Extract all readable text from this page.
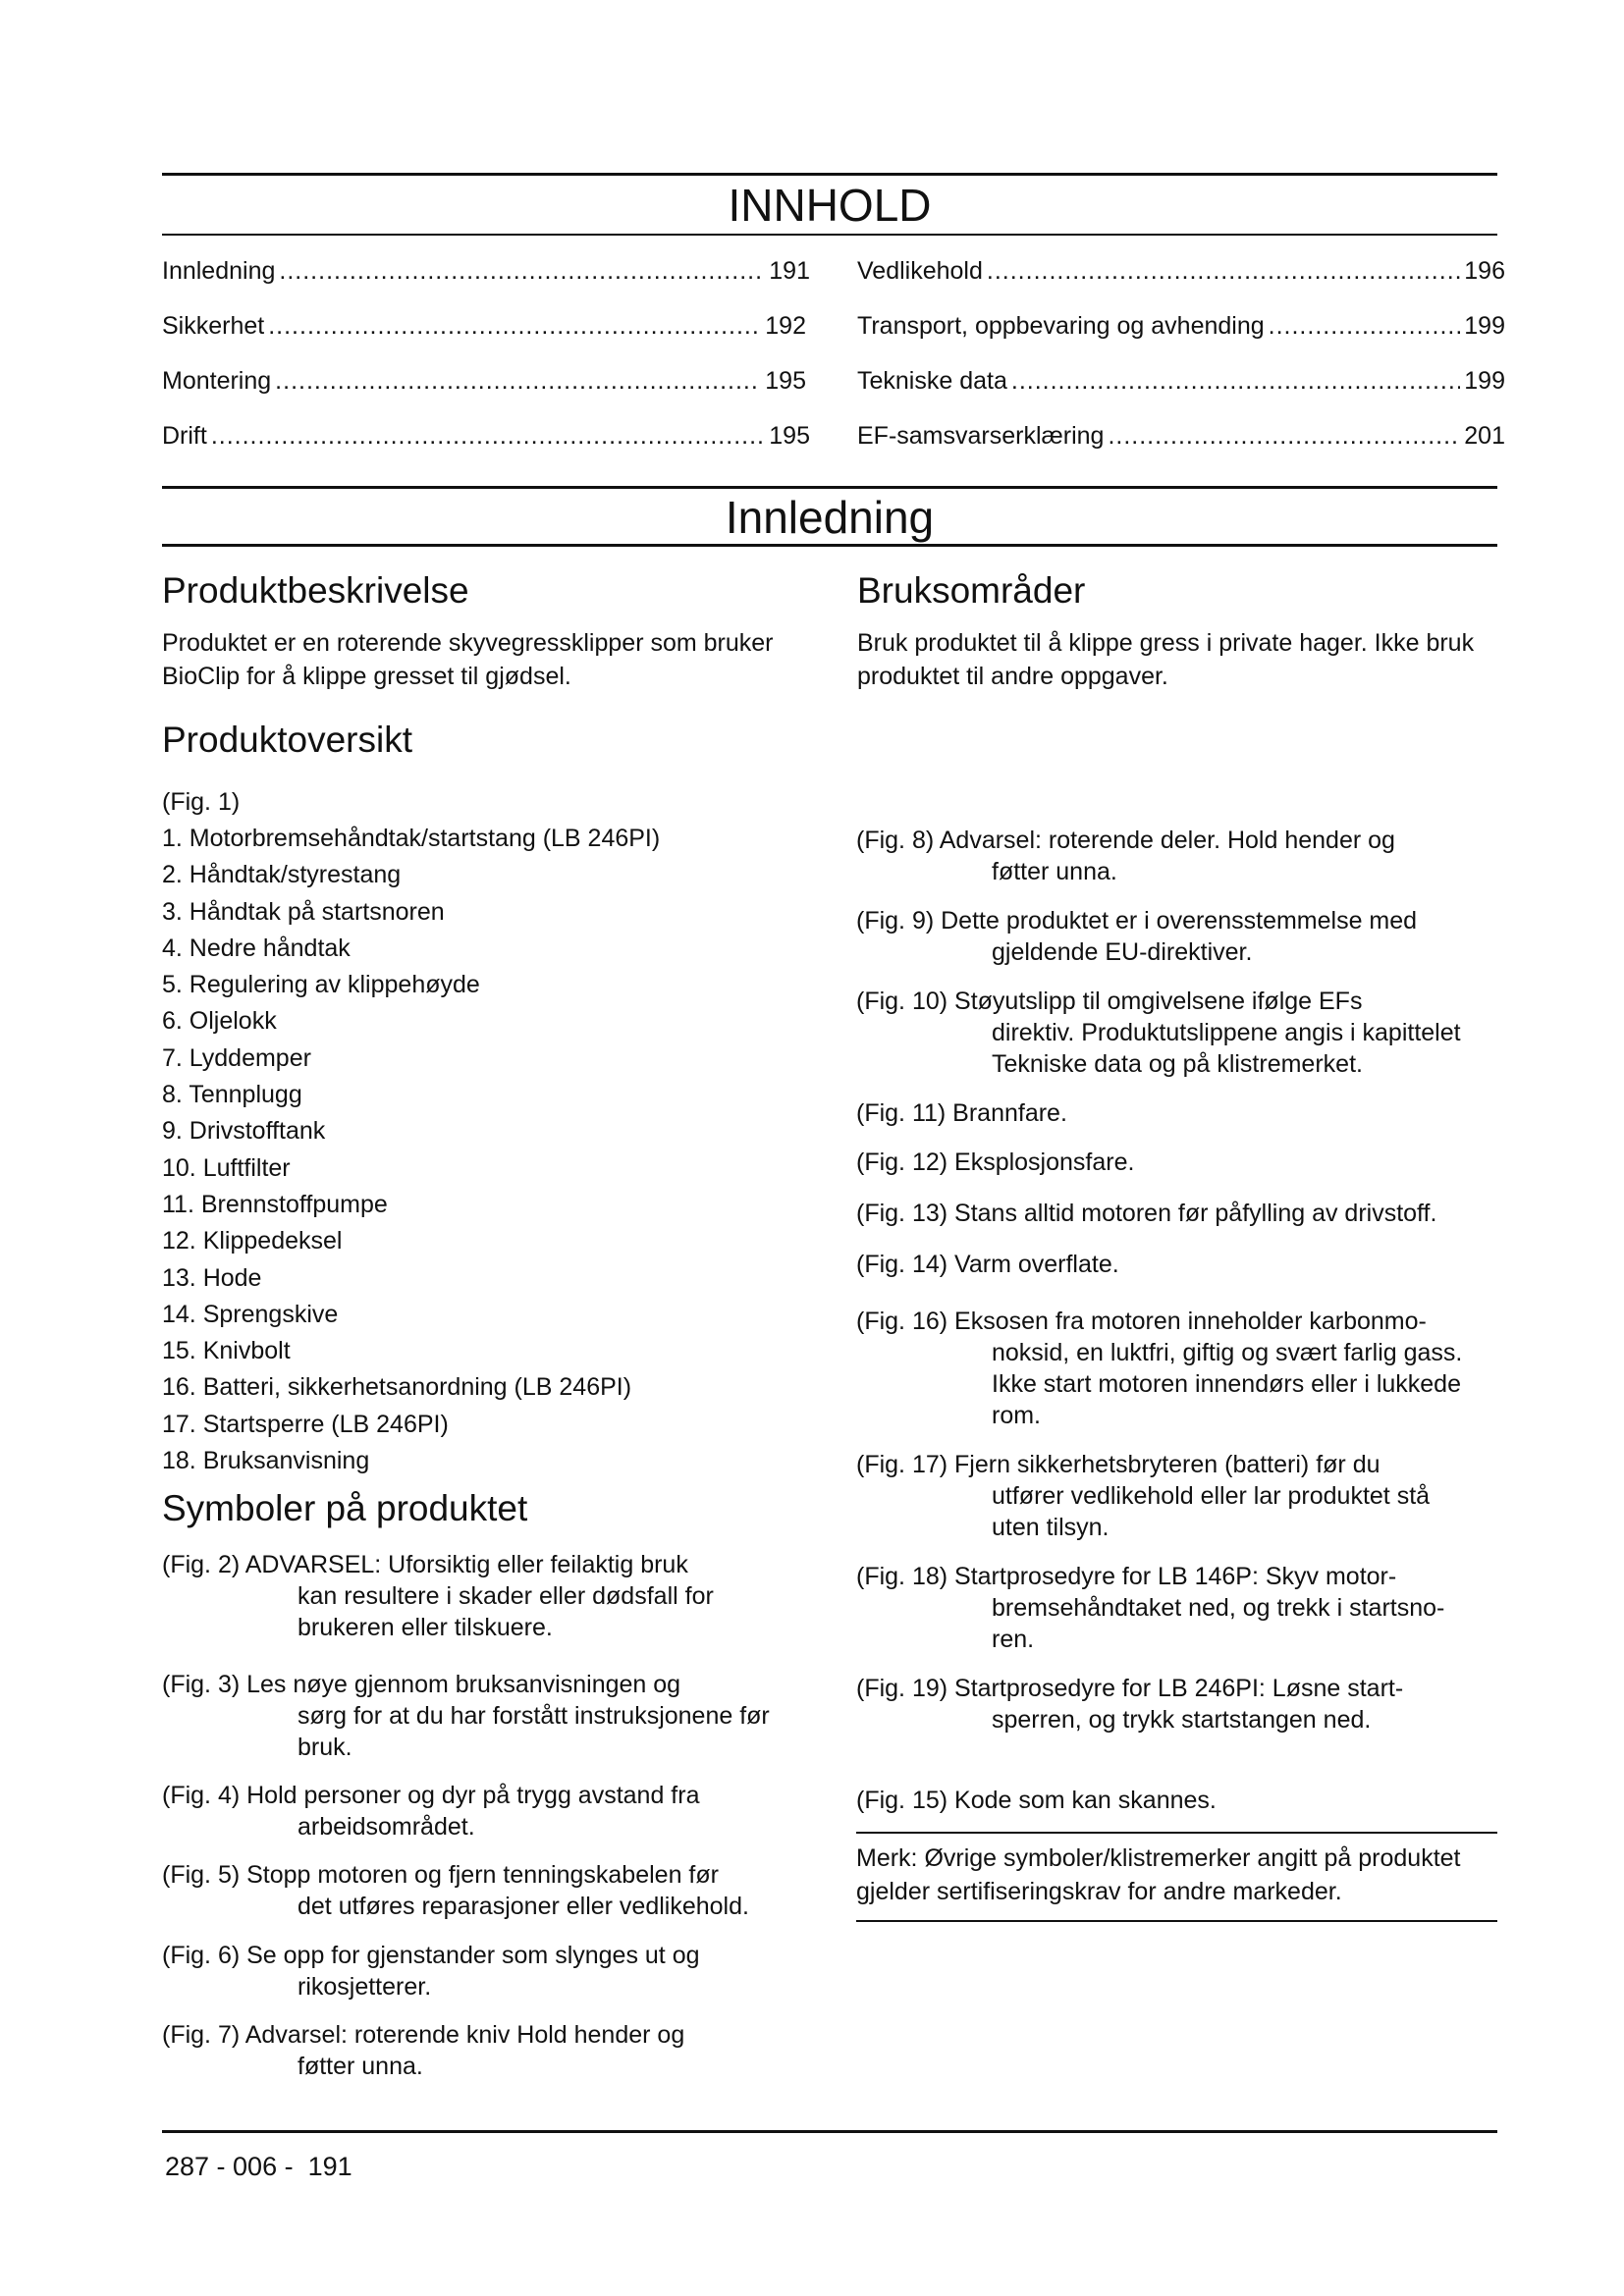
INNHOLD
Innledning .....	191
Sikkerhet .....	192
Montering .....	195
Drift .....	195
Vedlikehold .....	196
Transport, oppbevaring og avhending .....	199
Tekniske data .....	199
EF-samsvarserklæring .....	201
Innledning
Produktbeskrivelse

Produktet er en roterende skyvegressklipper som bruker BioClip for å klippe gresset til gjødsel.

Bruksområder

Bruk produktet til å klippe gress i private hager. Ikke bruk produktet til andre oppgaver.

Produktoversikt

(Fig. 1)

1. Motorbremsehåndtak/startstang (LB 246PI)
2. Håndtak/styrestang
3. Håndtak på startsnoren
4. Nedre håndtak
5. Regulering av klippehøyde
6. Oljelokk
7. Lyddemper
8. Tennplugg
9. Drivstofftank
10. Luftfilter
11. Brennstoffpumpe
12. Klippedeksel
13. Hode
14. Sprengskive
15. Knivbolt
16. Batteri, sikkerhetsanordning (LB 246PI)
17. Startsperre (LB 246PI)
18. Bruksanvisning
Symboler på produktet
(Fig. 2) ADVARSEL: Uforsiktig eller feilaktig bruk
kan resultere i skader eller dødsfall for
brukeren eller tilskuere.
(Fig. 3) Les nøye gjennom bruksanvisningen og
sørg for at du har forstått instruksjonene før
bruk.
(Fig. 4) Hold personer og dyr på trygg avstand fra
arbeidsområdet.
(Fig. 5) Stopp motoren og fjern tenningskabelen før
det utføres reparasjoner eller vedlikehold.
(Fig. 6) Se opp for gjenstander som slynges ut og
rikosjetterer.
(Fig. 7) Advarsel: roterende kniv Hold hender og
føtter unna.
(Fig. 8) Advarsel: roterende deler. Hold hender og
føtter unna.
(Fig. 9) Dette produktet er i overensstemmelse med
gjeldende EU-direktiver.
(Fig. 10) Støyutslipp til omgivelsene ifølge EFs
direktiv. Produktutslippene angis i kapittelet
Tekniske data og på klistremerket.
(Fig. 11) Brannfare.
(Fig. 12) Eksplosjonsfare.
(Fig. 13) Stans alltid motoren før påfylling av drivstoff.
(Fig. 14) Varm overflate.
(Fig. 16) Eksosen fra motoren inneholder karbonmo-
noksid, en luktfri, giftig og svært farlig gass.
Ikke start motoren innendørs eller i lukkede
rom.
(Fig. 17) Fjern sikkerhetsbryteren (batteri) før du
utfører vedlikehold eller lar produktet stå
uten tilsyn.
(Fig. 18) Startprosedyre for LB 146P: Skyv motor-
bremsehåndtaket ned, og trekk i startsno-
ren.
(Fig. 19) Startprosedyre for LB 246PI: Løsne start-
sperren, og trykk startstangen ned.
(Fig. 15) Kode som kan skannes.
Merk: Øvrige symboler/klistremerker angitt på produktet gjelder sertifiseringskrav for andre markeder.
287 - 006 -  191
